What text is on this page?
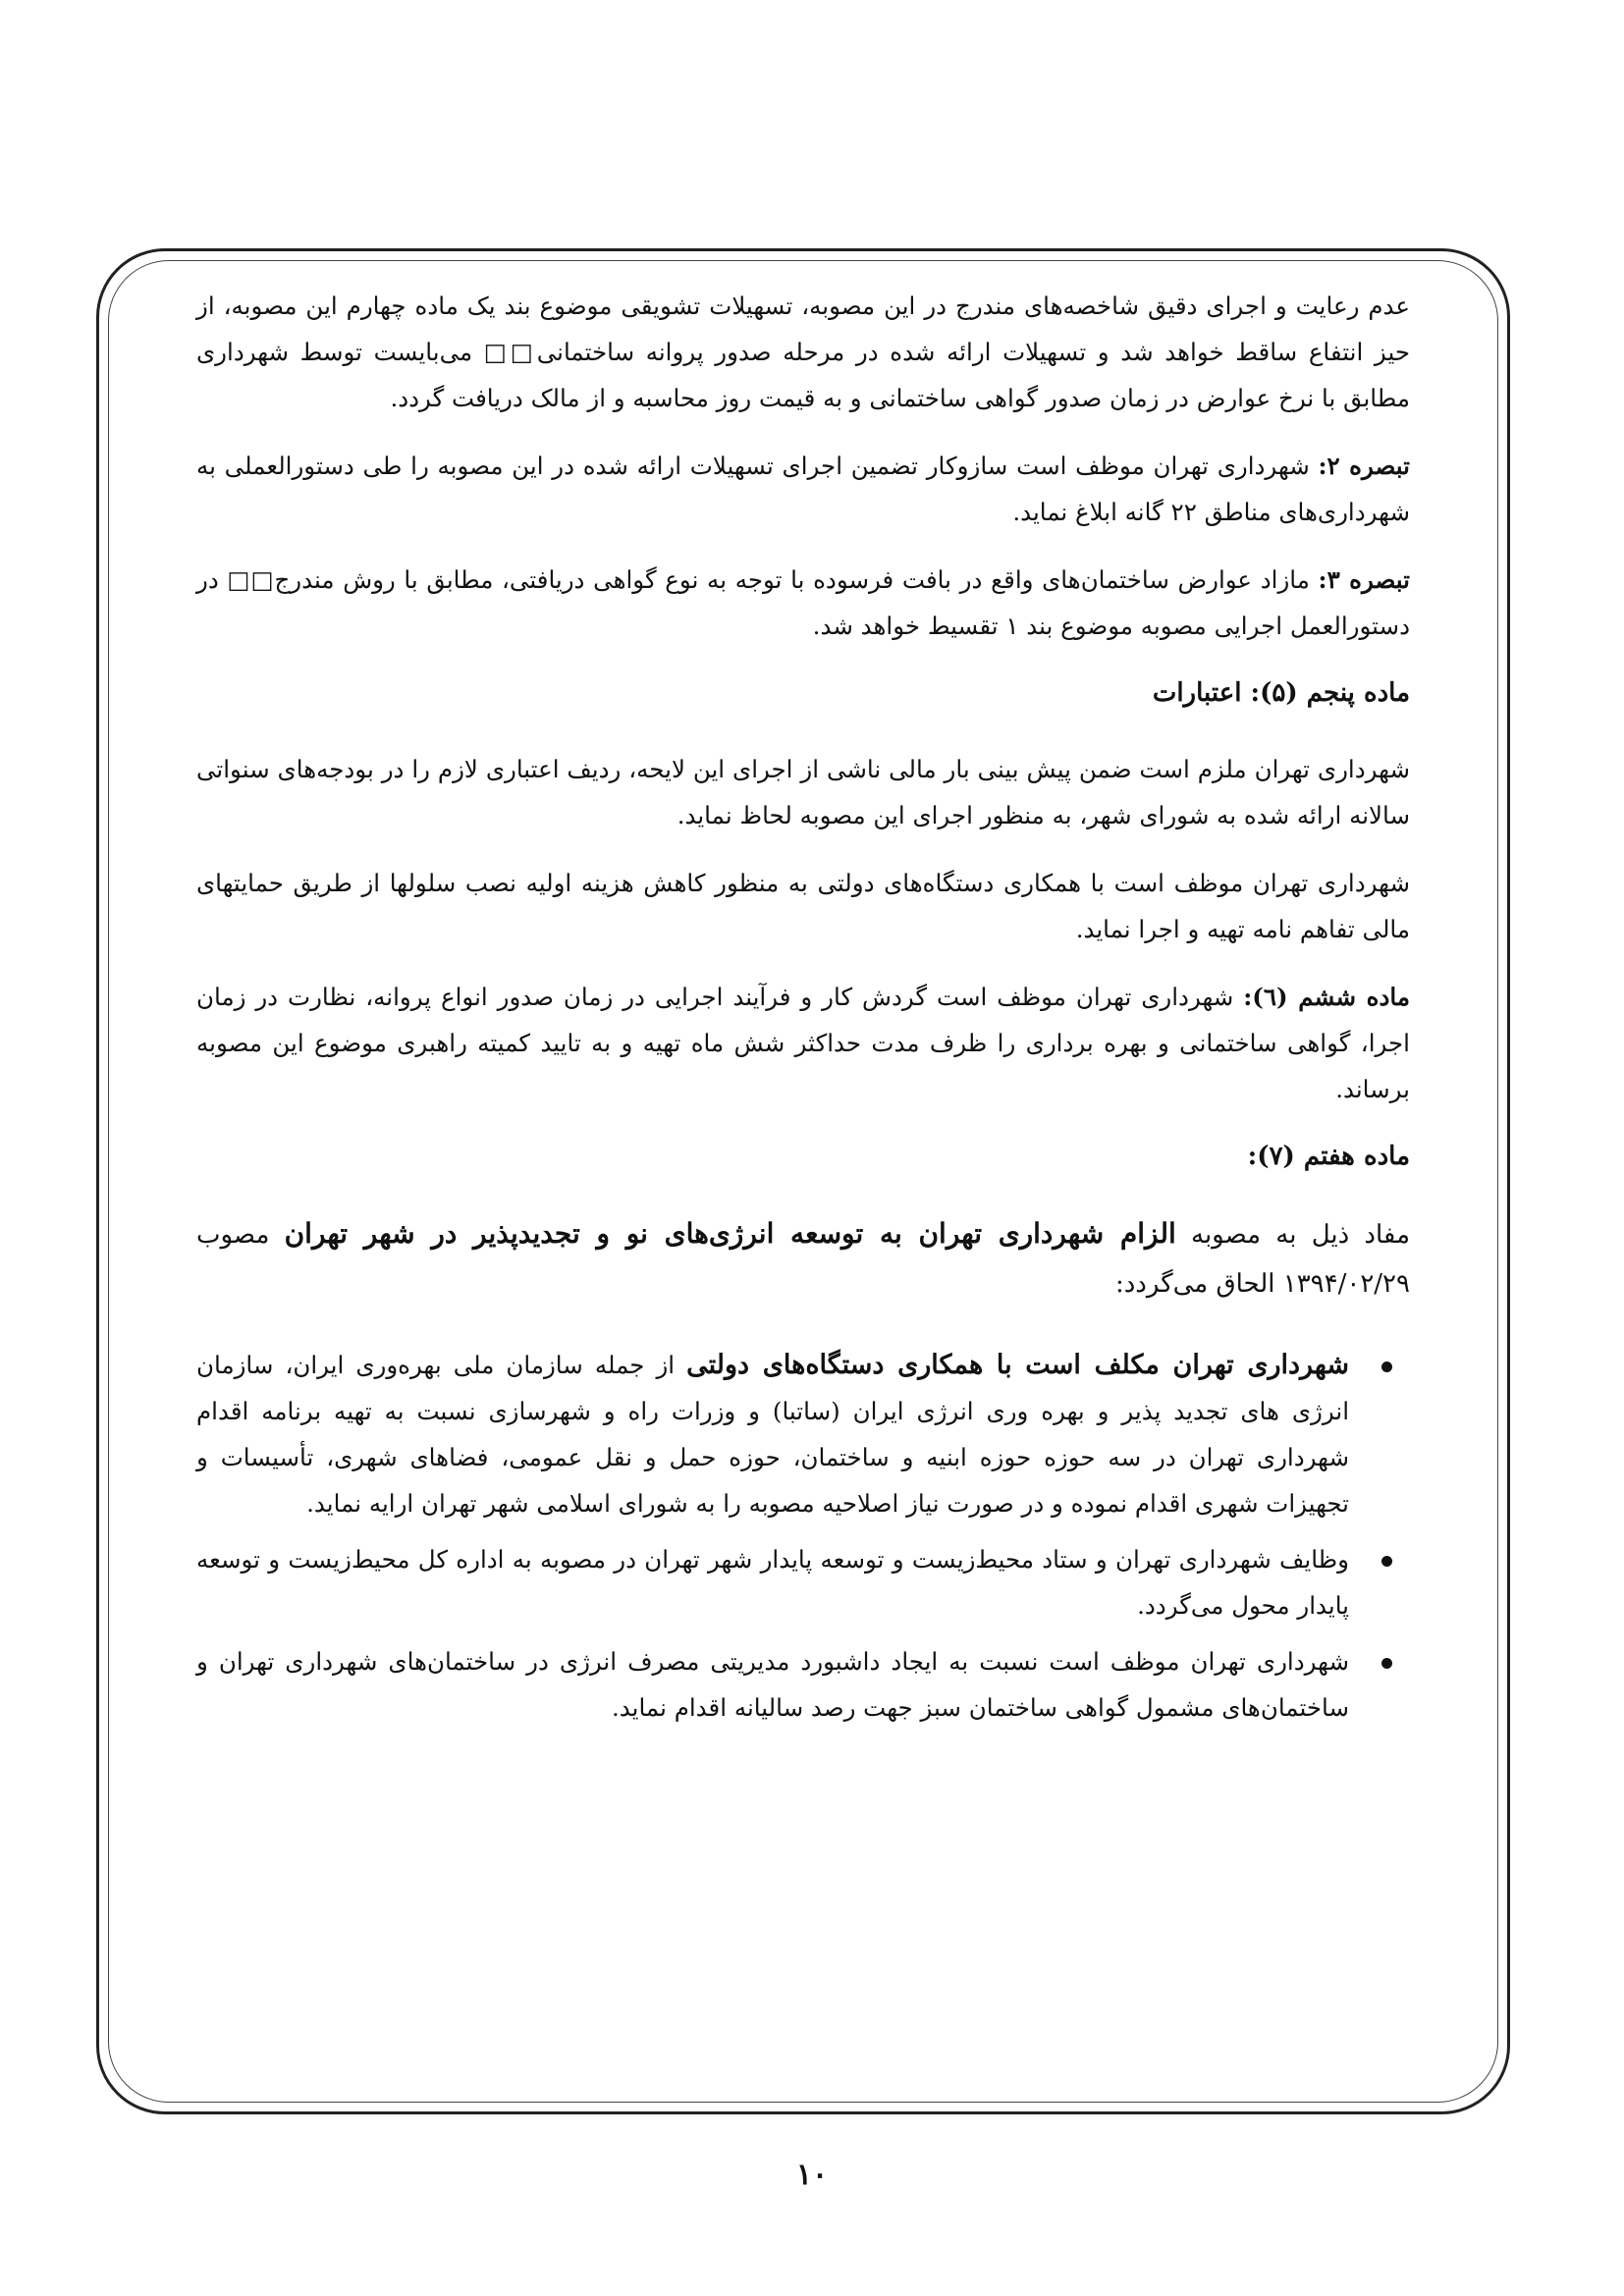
عدم رعایت و اجرای دقیق شاخصه‌های مندرج در این مصوبه، تسهیلات تشویقی موضوع بند یک ماده چهارم این مصوبه، از حیز انتفاع ساقط خواهد شد و تسهیلات ارائه شده در مرحله صدور پروانه ساختمانی□□ می‌بایست توسط شهرداری مطابق با نرخ عوارض در زمان صدور گواهی ساختمانی و به قیمت روز محاسبه و از مالک دریافت گردد.

تبصره ۲: شهرداری تهران موظف است سازوکار تضمین اجرای تسهیلات ارائه شده در این مصوبه را طی دستورالعملی به شهرداری‌های مناطق ۲۲ گانه ابلاغ نماید.

تبصره ۳: مازاد عوارض ساختمان‌های واقع در بافت فرسوده با توجه به نوع گواهی دریافتی، مطابق با روش مندرج□□ در دستورالعمل اجرایی مصوبه موضوع بند ۱ تقسیط خواهد شد.

ماده پنجم (۵): اعتبارات

شهرداری تهران ملزم است ضمن پیش بینی بار مالی ناشی از اجرای این لایحه، ردیف اعتباری لازم را در بودجه‌های سنواتی سالانه ارائه شده به شورای شهر، به منظور اجرای این مصوبه لحاظ نماید.

شهرداری تهران موظف است با همکاری دستگاه‌های دولتی به منظور کاهش هزینه اولیه نصب سلولها از طریق حمایتهای مالی تفاهم نامه تهیه و اجرا نماید.

ماده ششم (٦): شهرداری تهران موظف است گردش کار و فرآیند اجرایی در زمان صدور انواع پروانه، نظارت در زمان اجرا، گواهی ساختمانی و بهره برداری را ظرف مدت حداکثر شش ماه تهیه و به تایید کمیته راهبری موضوع این مصوبه برساند.

ماده هفتم (۷):

مفاد ذیل به مصوبه الزام شهرداری تهران به توسعه انرژی‌های نو و تجدیدپذیر در شهر تهران مصوب ۱۳۹۴/۰۲/۲۹ الحاق می‌گردد:

شهرداری تهران مکلف است با همکاری دستگاه‌های دولتی از جمله سازمان ملی بهره‌وری ایران، سازمان انرژی های تجدید پذیر و بهره وری انرژی ایران (ساتبا) و وزرات راه و شهرسازی نسبت به تهیه برنامه اقدام شهرداری تهران در سه حوزه حوزه ابنیه و ساختمان، حوزه حمل و نقل عمومی، فضاهای شهری، تأسیسات و تجهیزات شهری اقدام نموده و در صورت نیاز اصلاحیه مصوبه را به شورای اسلامی شهر تهران ارایه نماید.
وظایف شهرداری تهران و ستاد محیط‌زیست و توسعه پایدار شهر تهران در مصوبه به اداره کل محیط‌زیست و توسعه پایدار محول می‌گردد.
شهرداری تهران موظف است نسبت به ایجاد داشبورد مدیریتی مصرف انرژی در ساختمان‌های شهرداری تهران و ساختمان‌های مشمول گواهی ساختمان سبز جهت رصد سالیانه اقدام نماید.
۱۰
